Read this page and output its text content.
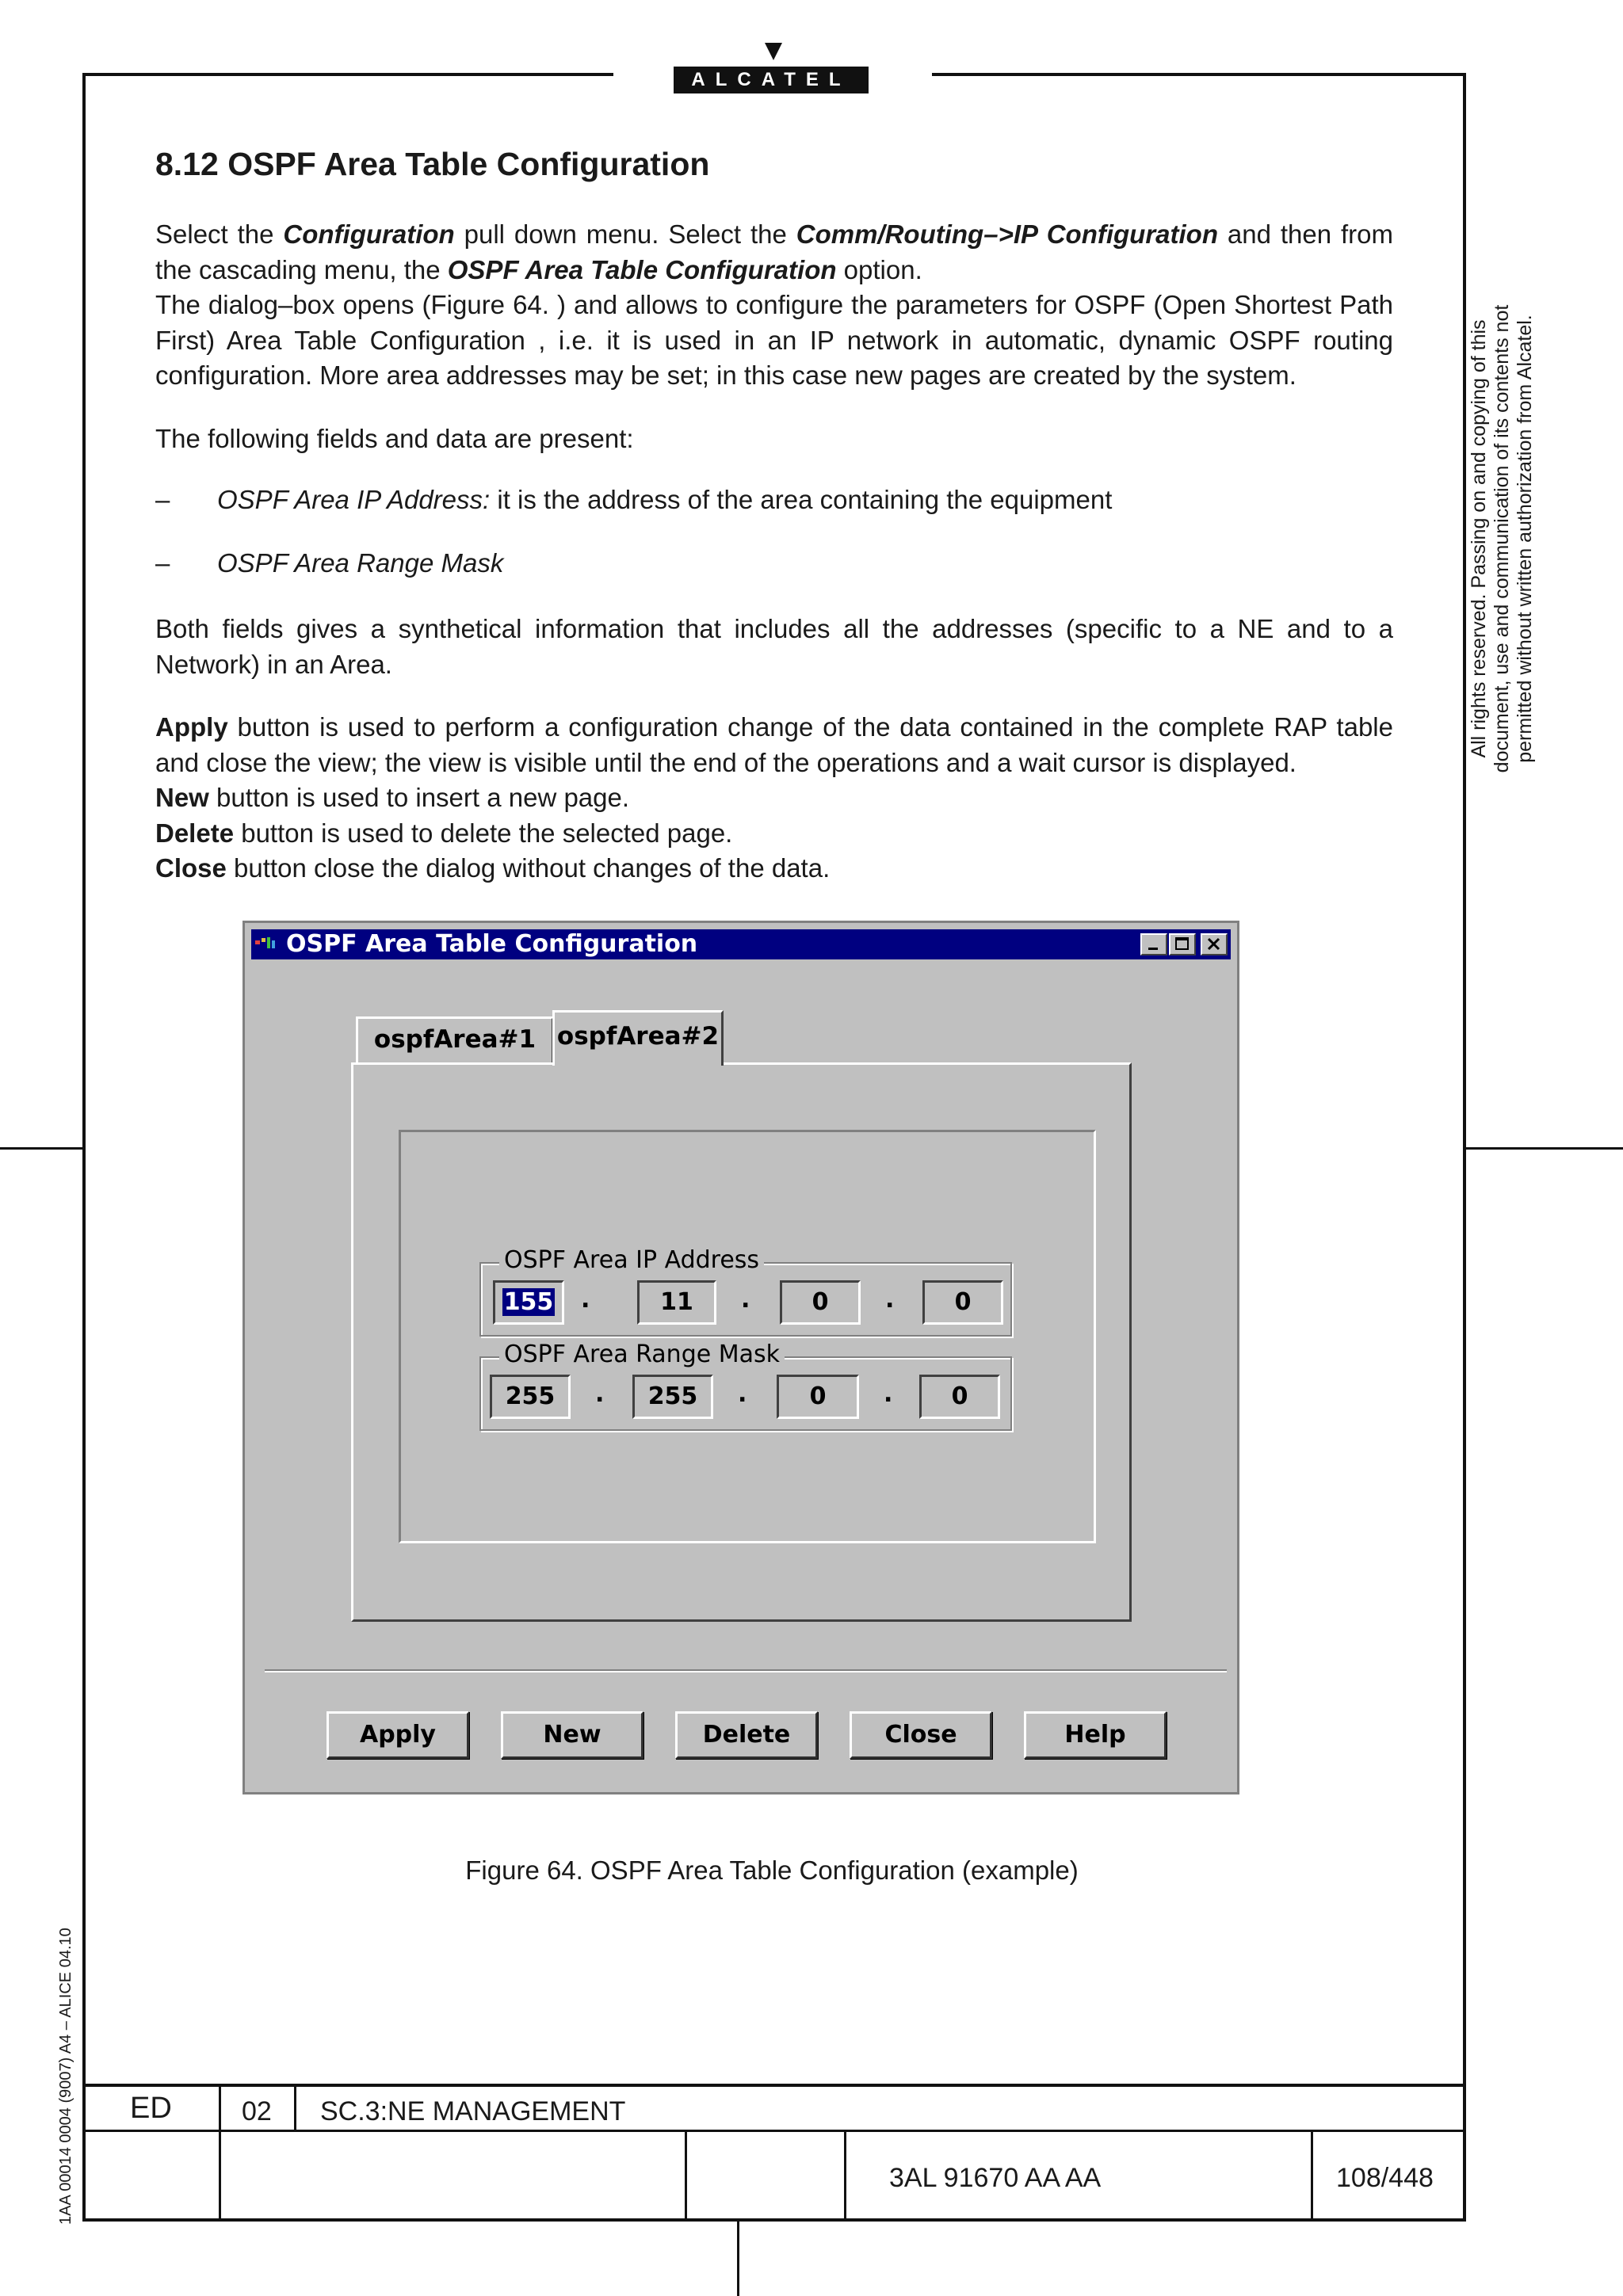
ALCATEL
8.12 OSPF Area Table Configuration
Select the Configuration pull down menu. Select the Comm/Routing–>IP Configuration and then from the cascading menu, the OSPF Area Table Configuration option.
The dialog–box opens (Figure 64. ) and allows to configure the parameters for OSPF (Open Shortest Path First) Area Table Configuration , i.e. it is used in an IP network in automatic, dynamic OSPF routing configuration. More area addresses may be set; in this case new pages are created by the system.
The following fields and data are present:
– OSPF Area IP Address: it is the address of the area containing the equipment
– OSPF Area Range Mask
Both fields gives a synthetical information that includes all the addresses (specific to a NE and to a Network) in an Area.
Apply button is used to perform a configuration change of the data contained in the complete RAP table and close the view; the view is visible until the end of the operations and a wait cursor is displayed.
New button is used to insert a new page.
Delete button is used to delete the selected page.
Close button close the dialog without changes of the data.
All rights reserved. Passing on and copying of this document, use and communication of its contents not permitted without written authorization from Alcatel.
1AA 00014 0004 (9007) A4 – ALICE 04.10
OSPF Area Table Configuration
ospfArea#1 ospfArea#2
OSPF Area IP Address
155	.	11	.	0	.	0
OSPF Area Range Mask
255	.	255	.	0	.	0
Apply	New	Delete	Close	Help
Figure 64. OSPF Area Table Configuration (example)
ED	02 SC.3:NE MANAGEMENT
3AL 91670 AA AA	108/448
